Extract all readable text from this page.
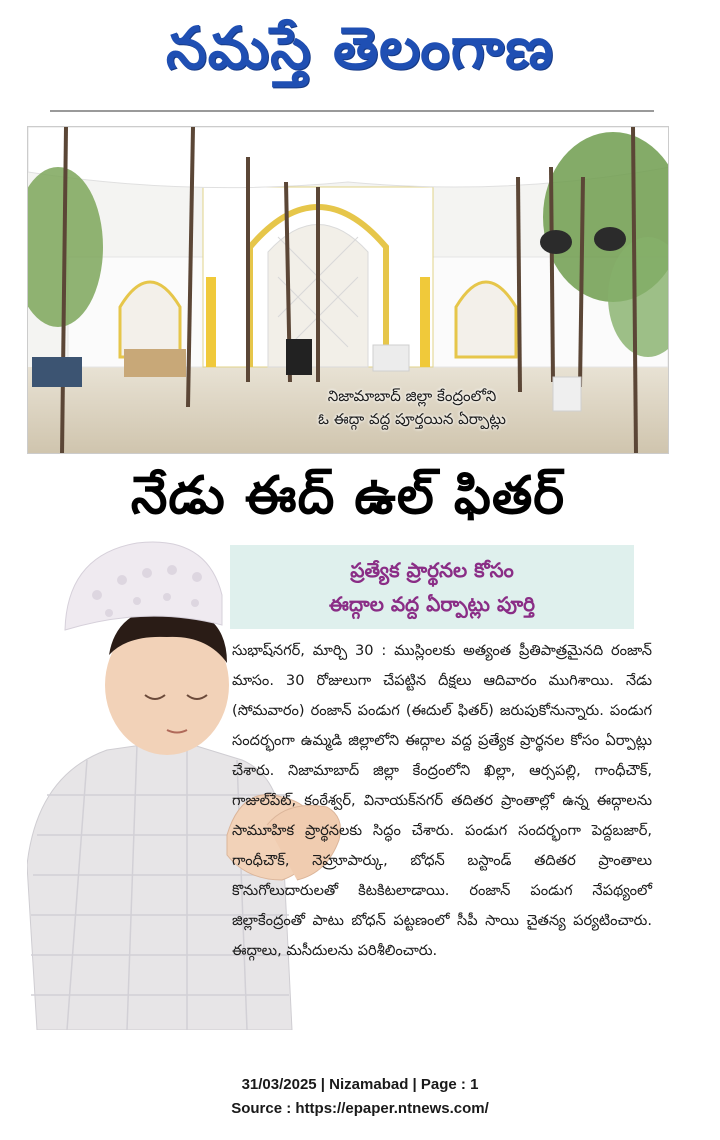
నమస్తే తెలంగాణ
నిజామాబాద్ జిల్లా కేంద్రంలోని
ఓ ఈద్గా వద్ద పూర్తయిన ఏర్పాట్లు
నేడు ఈద్ ఉల్ ఫితర్
ప్రత్యేక ప్రార్థనల కోసం
ఈద్గాల వద్ద ఏర్పాట్లు పూర్తి

సుభాష్‌నగర్, మార్చి 30 : ముస్లింలకు అత్యంత ప్రీతిపాత్రమైనది రంజాన్ మాసం. 30 రోజులుగా చేపట్టిన దీక్షలు ఆదివారం ముగిశాయి. నేడు (సోమవారం) రంజాన్ పండుగ (ఈదుల్ ఫితర్) జరుపుకోనున్నారు. పండుగ సందర్భంగా ఉమ్మడి జిల్లాలోని ఈద్గాల వద్ద ప్రత్యేక ప్రార్థనల కోసం ఏర్పాట్లు చేశారు. నిజామాబాద్ జిల్లా కేంద్రంలోని ఖిల్లా, ఆర్సపల్లి, గాంధీచౌక్, గాజుల్‌పేట్, కంఠేశ్వర్, వినాయక్‌నగర్ తదితర ప్రాంతాల్లో ఉన్న ఈద్గాలను సామూహిక ప్రార్థనలకు సిద్ధం చేశారు. పండుగ సందర్భంగా పెద్దబజార్, గాంధీచౌక్, నెహ్రూపార్కు, బోధన్ బస్టాండ్ తదితర ప్రాంతాలు కొనుగోలుదారులతో కిటకిటలాడాయి. రంజాన్ పండుగ నేపథ్యంలో జిల్లాకేంద్రంతో పాటు బోధన్ పట్టణంలో సీపీ సాయి చైతన్య పర్యటించారు. ఈద్గాలు, మసీదులను పరిశీలించారు.

31/03/2025 | Nizamabad | Page : 1
Source : https://epaper.ntnews.com/
